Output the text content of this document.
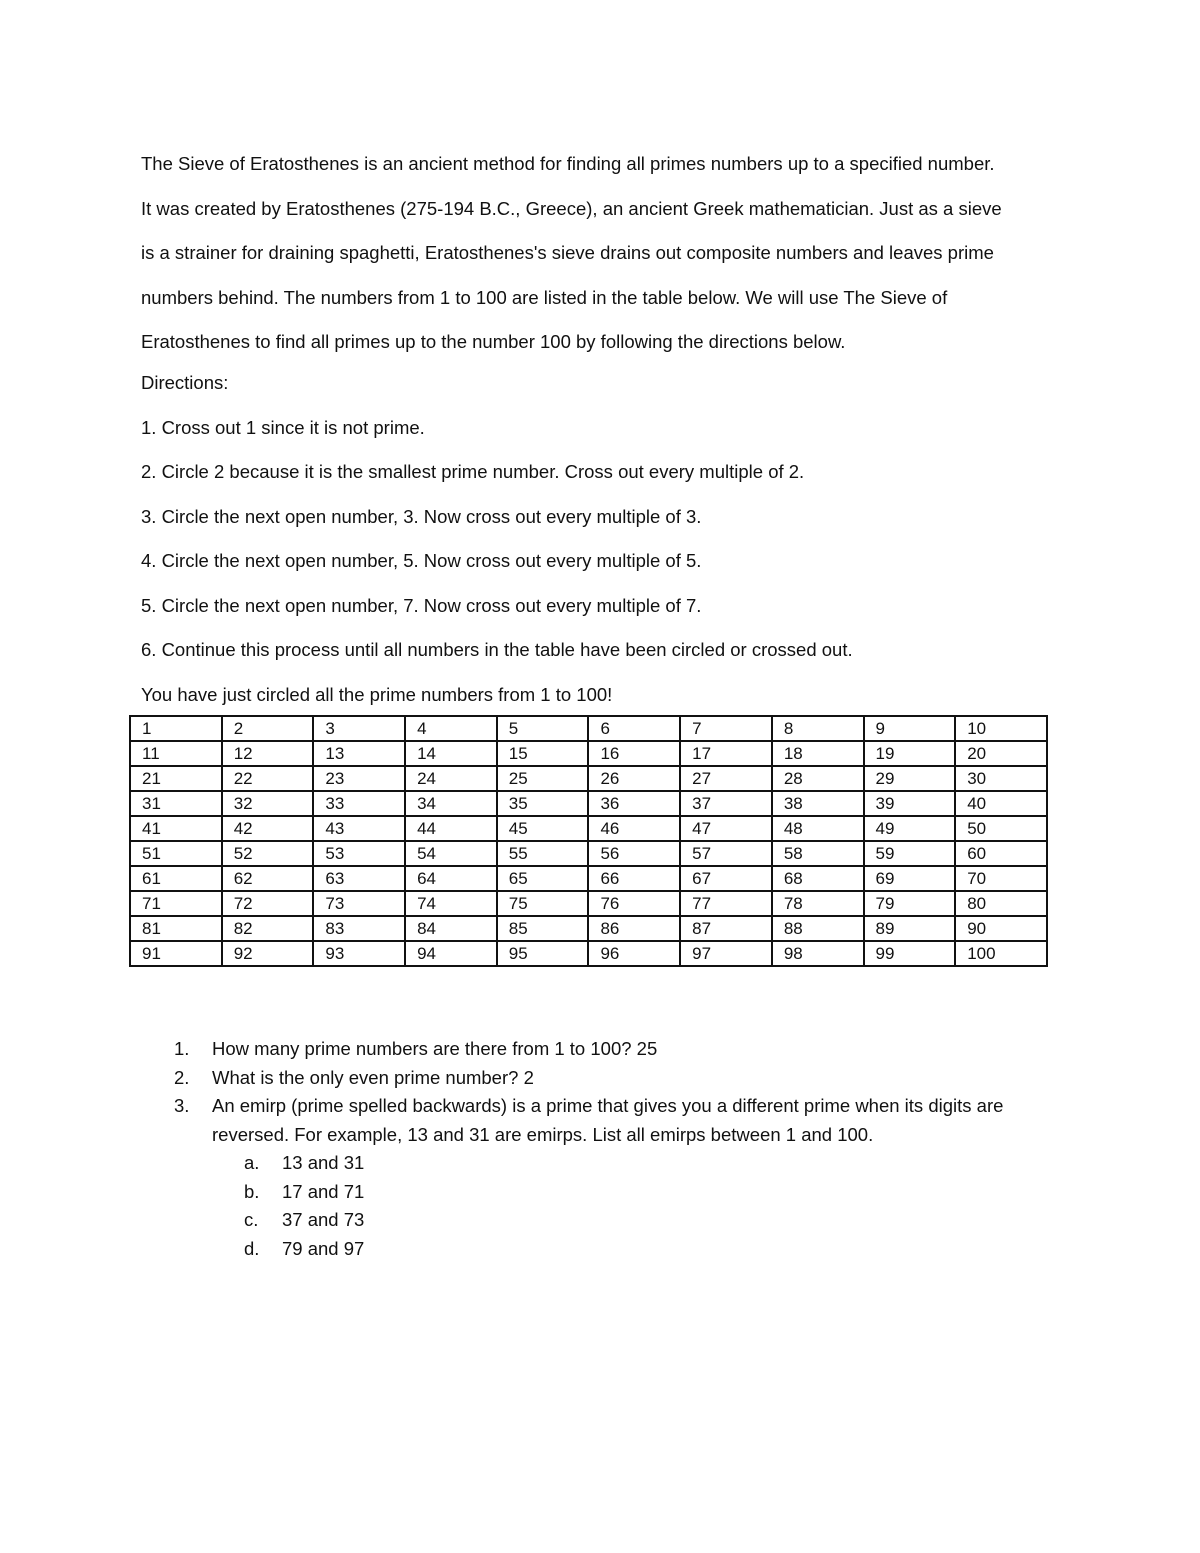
The Sieve of Eratosthenes is an ancient method for finding all primes numbers up to a specified number.
It was created by Eratosthenes (275-194 B.C., Greece), an ancient Greek mathematician. Just as a sieve
is a strainer for draining spaghetti, Eratosthenes's sieve drains out composite numbers and leaves prime
numbers behind. The numbers from 1 to 100 are listed in the table below. We will use The Sieve of
Eratosthenes to find all primes up to the number 100 by following the directions below.

Directions:
1. Cross out 1 since it is not prime.
2. Circle 2 because it is the smallest prime number. Cross out every multiple of 2.
3. Circle the next open number, 3. Now cross out every multiple of 3.
4. Circle the next open number, 5. Now cross out every multiple of 5.
5. Circle the next open number, 7. Now cross out every multiple of 7.
6. Continue this process until all numbers in the table have been circled or crossed out.
You have just circled all the prime numbers from 1 to 100!
1	2	3	4	5	6	7	8	9	10
11	12	13	14	15	16	17	18	19	20
21	22	23	24	25	26	27	28	29	30
31	32	33	34	35	36	37	38	39	40
41	42	43	44	45	46	47	48	49	50
51	52	53	54	55	56	57	58	59	60
61	62	63	64	65	66	67	68	69	70
71	72	73	74	75	76	77	78	79	80
81	82	83	84	85	86	87	88	89	90
91	92	93	94	95	96	97	98	99	100
1. How many prime numbers are there from 1 to 100? 25
2. What is the only even prime number? 2
3. An emirp (prime spelled backwards) is a prime that gives you a different prime when its digits are reversed. For example, 13 and 31 are emirps. List all emirps between 1 and 100.
a. 13 and 31
b. 17 and 71
c. 37 and 73
d. 79 and 97
